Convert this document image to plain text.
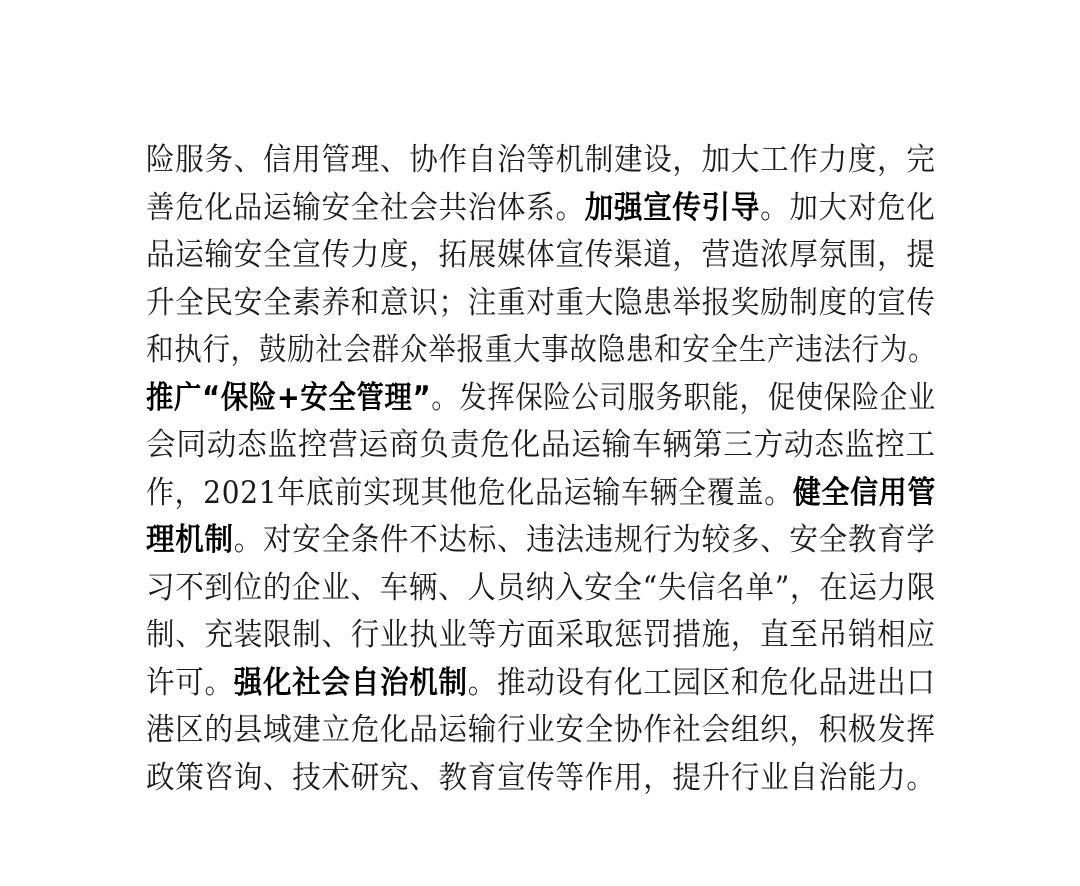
险服务、信用管理、协作自治等机制建设，加大工作力度，完
善危化品运输安全社会共治体系。加强宣传引导。加大对危化
品运输安全宣传力度，拓展媒体宣传渠道，营造浓厚氛围，提
升全民安全素养和意识；注重对重大隐患举报奖励制度的宣传
和执行，鼓励社会群众举报重大事故隐患和安全生产违法行为。
推广“保险+安全管理”。发挥保险公司服务职能，促使保险企业
会同动态监控营运商负责危化品运输车辆第三方动态监控工
作，2021年底前实现其他危化品运输车辆全覆盖。健全信用管
理机制。对安全条件不达标、违法违规行为较多、安全教育学
习不到位的企业、车辆、人员纳入安全“失信名单”，在运力限
制、充装限制、行业执业等方面采取惩罚措施，直至吊销相应
许可。强化社会自治机制。推动设有化工园区和危化品进出口
港区的县域建立危化品运输行业安全协作社会组织，积极发挥
政策咨询、技术研究、教育宣传等作用，提升行业自治能力。
